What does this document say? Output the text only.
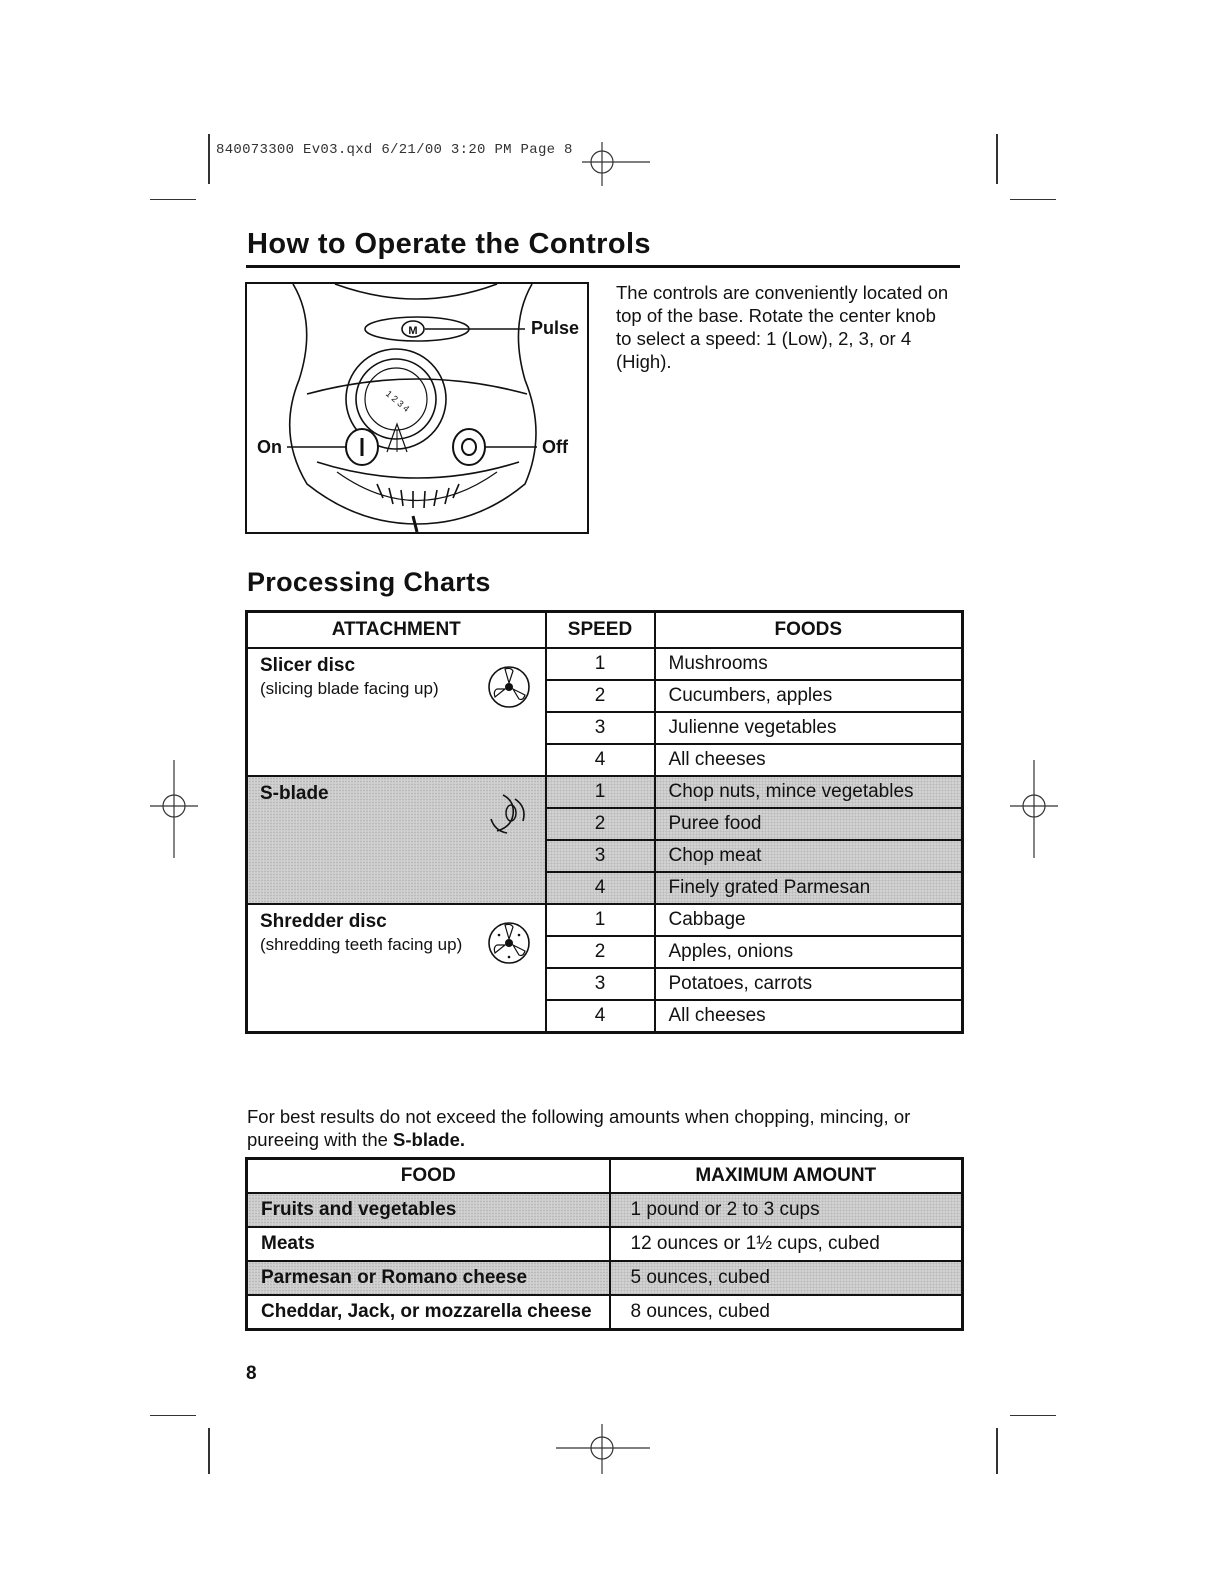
840073300 Ev03.qxd 6/21/00 3:20 PM Page 8
How to Operate the Controls
M
1 2 3 4
Pulse
On	Off
The controls are conveniently located on top of the base. Rotate the center knob to select a speed: 1 (Low), 2, 3, or 4 (High).
Processing Charts
ATTACHMENT	SPEED	FOODS

Slicer disc
(slicing blade facing up)	1	Mushrooms
	2	Cucumbers, apples
	3	Julienne vegetables
	4	All cheeses

S-blade	1	Chop nuts, mince vegetables
	2	Puree food
	3	Chop meat
	4	Finely grated Parmesan

Shredder disc
(shredding teeth facing up)	1	Cabbage
	2	Apples, onions
	3	Potatoes, carrots
	4	All cheeses
For best results do not exceed the following amounts when chopping, mincing, or pureeing with the S-blade.
FOOD	MAXIMUM AMOUNT
Fruits and vegetables	1 pound or 2 to 3 cups
Meats	12 ounces or 1½ cups, cubed
Parmesan or Romano cheese	5 ounces, cubed
Cheddar, Jack, or mozzarella cheese	8 ounces, cubed
8
